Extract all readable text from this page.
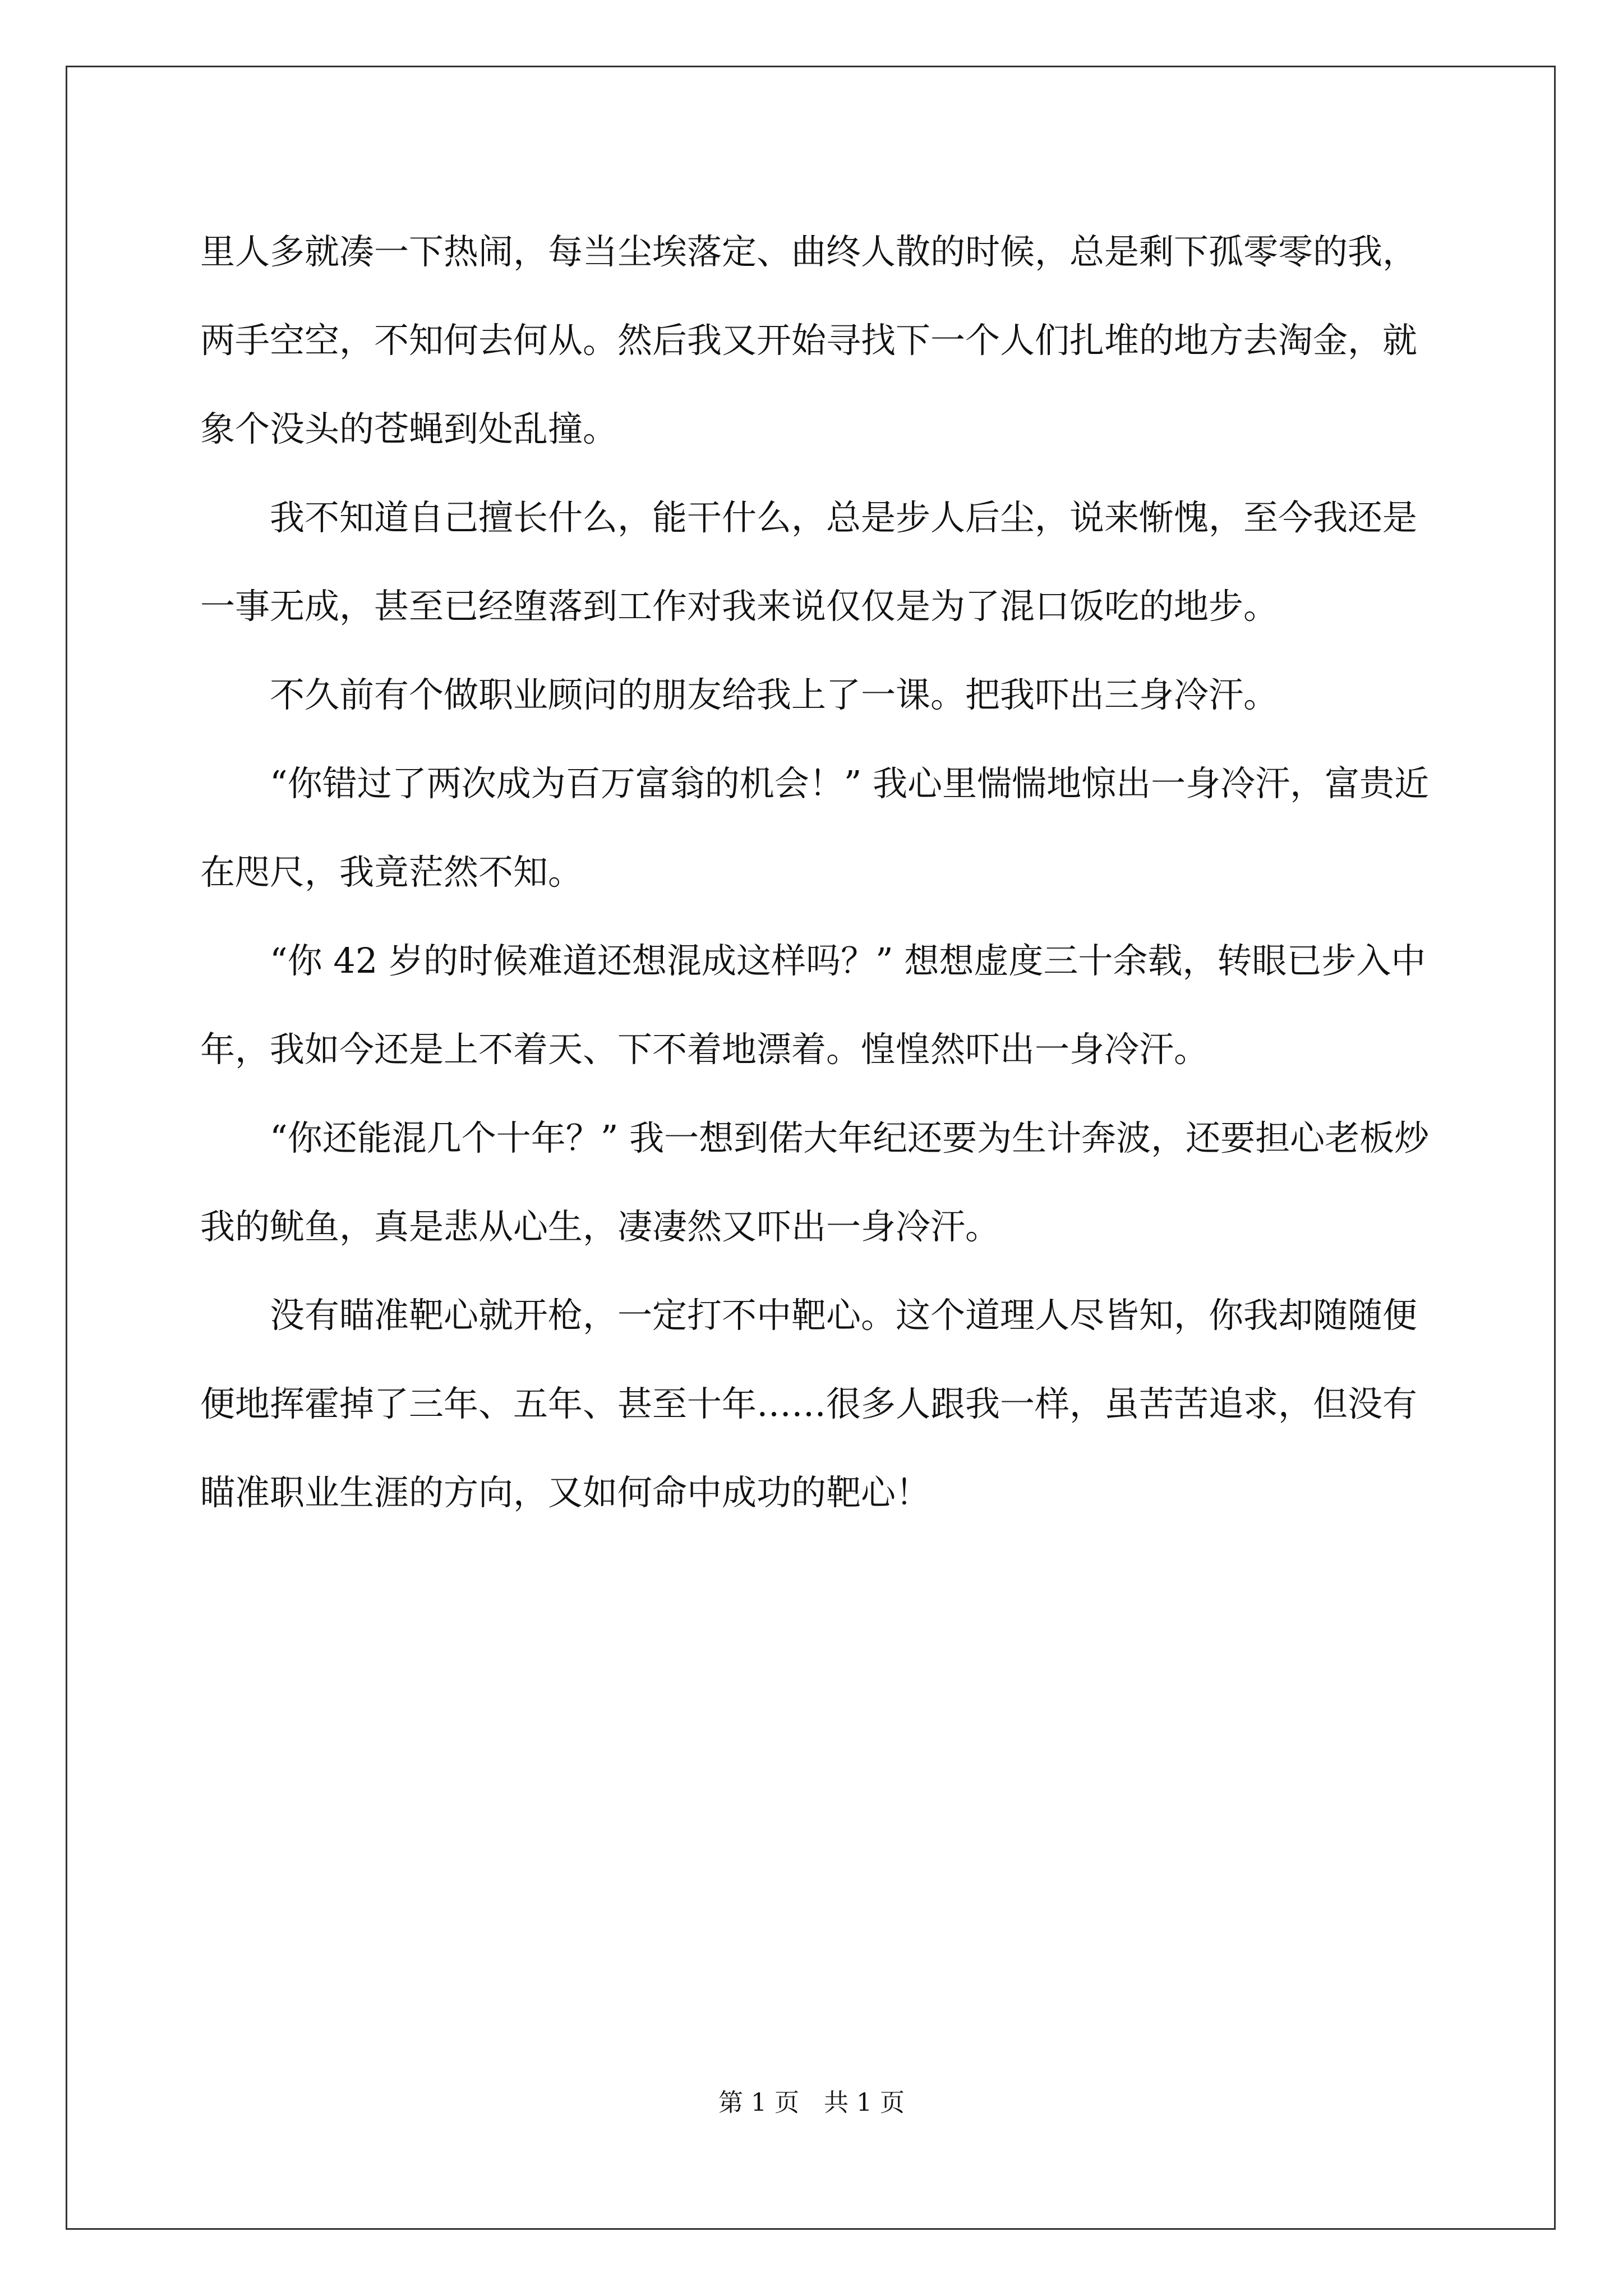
里人多就凑一下热闹，每当尘埃落定、曲终人散的时候，总是剩下孤零零的我，两手空空，不知何去何从。然后我又开始寻找下一个人们扎堆的地方去淘金，就象个没头的苍蝇到处乱撞。

　　我不知道自己擅长什么，能干什么，总是步人后尘，说来惭愧，至今我还是一事无成，甚至已经堕落到工作对我来说仅仅是为了混口饭吃的地步。

　　不久前有个做职业顾问的朋友给我上了一课。把我吓出三身冷汗。

　　“你错过了两次成为百万富翁的机会！” 我心里惴惴地惊出一身冷汗，富贵近在咫尺，我竟茫然不知。

　　“你 42 岁的时候难道还想混成这样吗？” 想想虚度三十余载，转眼已步入中年，我如今还是上不着天、下不着地漂着。惶惶然吓出一身冷汗。

　　“你还能混几个十年？” 我一想到偌大年纪还要为生计奔波，还要担心老板炒我的鱿鱼，真是悲从心生，凄凄然又吓出一身冷汗。

　　没有瞄准靶心就开枪，一定打不中靶心。这个道理人尽皆知，你我却随随便便地挥霍掉了三年、五年、甚至十年……很多人跟我一样，虽苦苦追求，但没有瞄准职业生涯的方向，又如何命中成功的靶心！

第 1 页　共 1 页
